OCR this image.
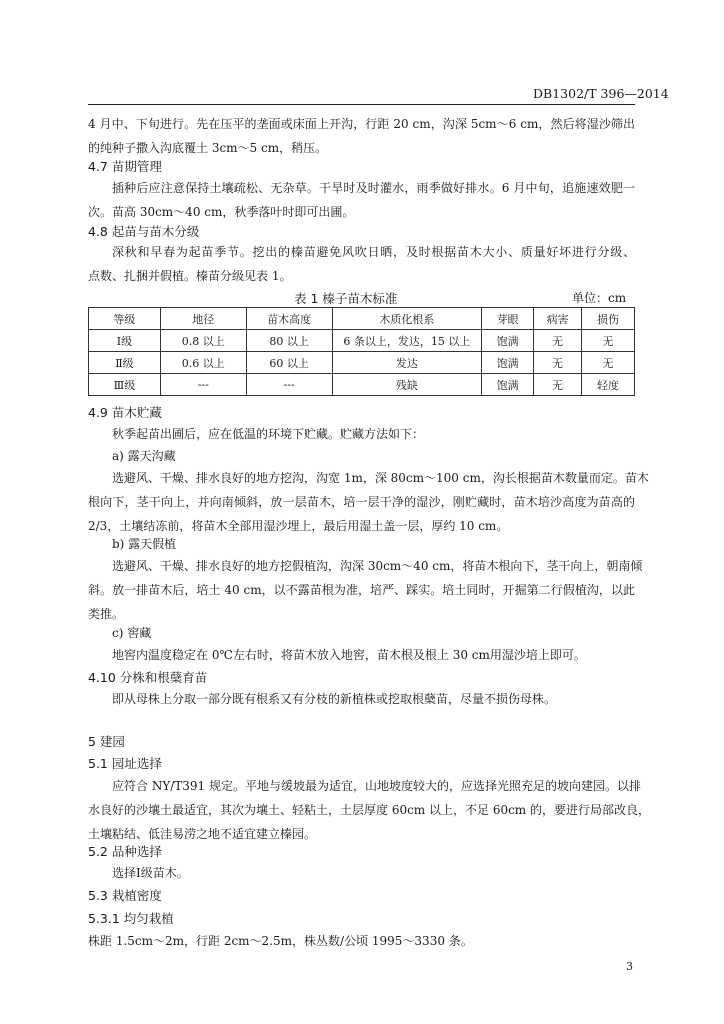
DB1302/T 396—2014
4 月中、下旬进行。先在压平的垄面或床面上开沟，行距 20 cm，沟深 5cm～6 cm，然后将湿沙筛出
的纯种子撒入沟底覆土 3cm～5 cm，稍压。
4.7 苗期管理
插种后应注意保持土壤疏松、无杂草。干旱时及时灌水，雨季做好排水。6 月中旬，追施速效肥一
次。苗高 30cm～40 cm，秋季落叶时即可出圃。
4.8 起苗与苗木分级
深秋和早春为起苗季节。挖出的榛苗避免风吹日晒，及时根据苗木大小、质量好坏进行分级、
点数、扎捆并假植。榛苗分级见表 1。
表 1 榛子苗木标准	单位：cm
等级	地径	苗木高度	木质化根系	芽眼	病害	损伤
Ⅰ级	0.8 以上	80 以上	6 条以上，发达，15 以上	饱满	无	无
Ⅱ级	0.6 以上	60 以上	发达	饱满	无	无
Ⅲ级	---	---	残缺	饱满	无	轻度
4.9 苗木贮藏
秋季起苗出圃后，应在低温的环境下贮藏。贮藏方法如下：
a) 露天沟藏
选避风、干燥、排水良好的地方挖沟，沟宽 1m，深 80cm～100 cm，沟长根据苗木数量而定。苗木
根向下，茎干向上，并向南倾斜，放一层苗木，培一层干净的湿沙，刚贮藏时，苗木培沙高度为苗高的
2/3，土壤结冻前，将苗木全部用湿沙埋上，最后用湿土盖一层，厚约 10 cm。
b) 露天假植
选避风、干燥、排水良好的地方挖假植沟，沟深 30cm～40 cm，将苗木根向下，茎干向上，朝南倾
斜。放一排苗木后，培土 40 cm，以不露苗根为准，培严、踩实。培土同时，开掘第二行假植沟，以此
类推。
c) 窖藏
地窖内温度稳定在 0℃左右时，将苗木放入地窖，苗木根及根上 30 cm用湿沙培上即可。
4.10 分株和根蘖育苗
即从母株上分取一部分既有根系又有分枝的新植株或挖取根蘖苗，尽量不损伤母株。
5 建园
5.1 园址选择
应符合 NY/T391 规定。平地与缓坡最为适宜，山地坡度较大的，应选择光照充足的坡向建园。以排
水良好的沙壤土最适宜，其次为壤土、轻粘土，土层厚度 60cm 以上，不足 60cm 的，要进行局部改良，
土壤粘结、低洼易涝之地不适宜建立榛园。
5.2 品种选择
选择Ⅰ级苗木。
5.3 栽植密度
5.3.1 均匀栽植
株距 1.5cm～2m，行距 2cm～2.5m，株丛数/公顷 1995～3330 条。
3
